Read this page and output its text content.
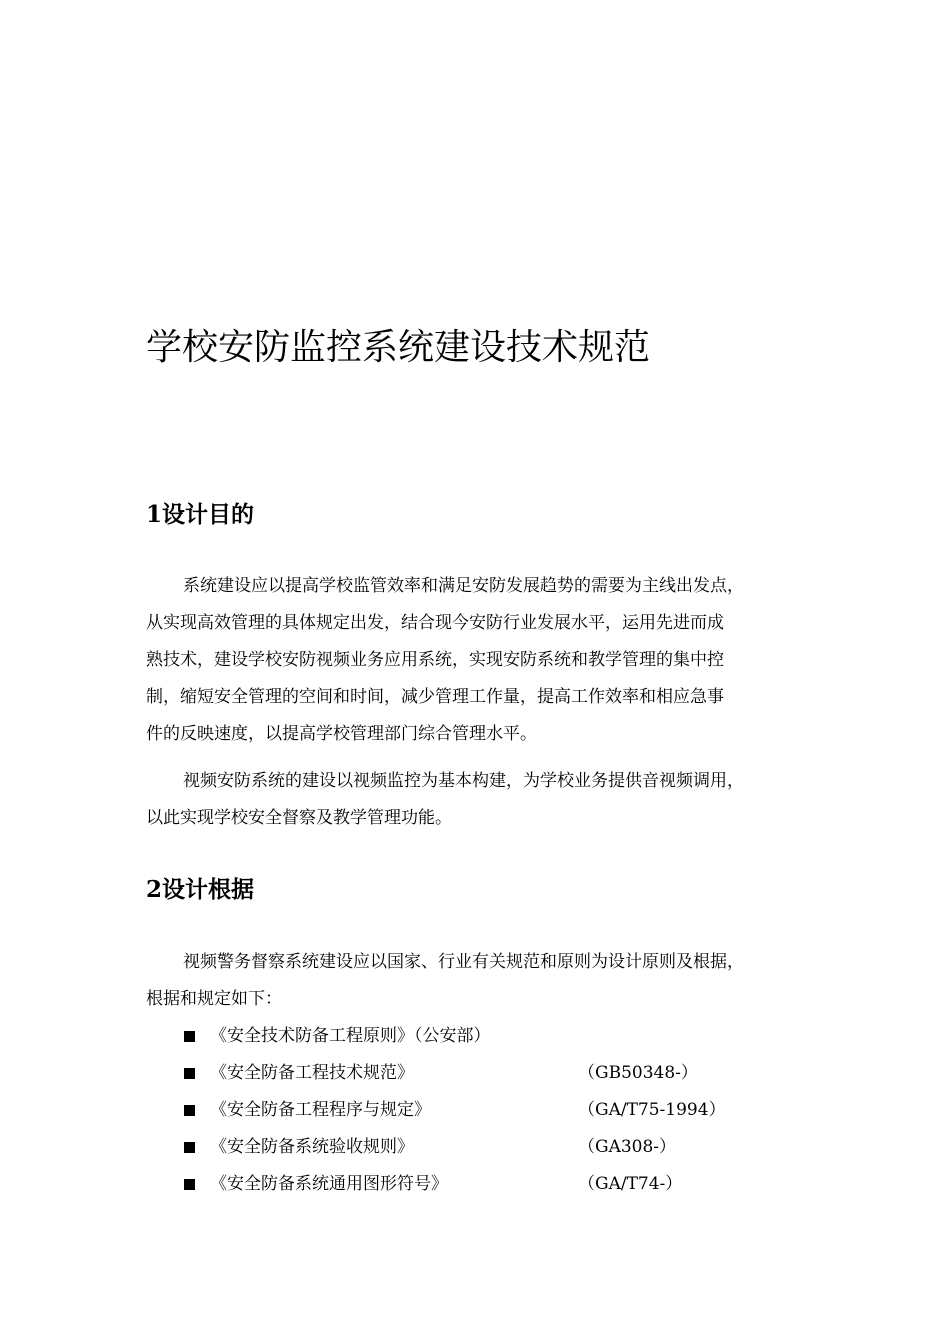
学校安防监控系统建设技术规范
1设计目的
系统建设应以提高学校监管效率和满足安防发展趋势的需要为主线出发点，
从实现高效管理的具体规定出发，结合现今安防行业发展水平，运用先进而成
熟技术，建设学校安防视频业务应用系统，实现安防系统和教学管理的集中控
制，缩短安全管理的空间和时间，减少管理工作量，提高工作效率和相应急事
件的反映速度，以提高学校管理部门综合管理水平。
视频安防系统的建设以视频监控为基本构建，为学校业务提供音视频调用，
以此实现学校安全督察及教学管理功能。
2设计根据
视频警务督察系统建设应以国家、行业有关规范和原则为设计原则及根据，
根据和规定如下：
《安全技术防备工程原则》（公安部）
《安全防备工程技术规范》	（GB50348-）
《安全防备工程程序与规定》	（GA/T75-1994）
《安全防备系统验收规则》	（GA308-）
《安全防备系统通用图形符号》	（GA/T74-）
